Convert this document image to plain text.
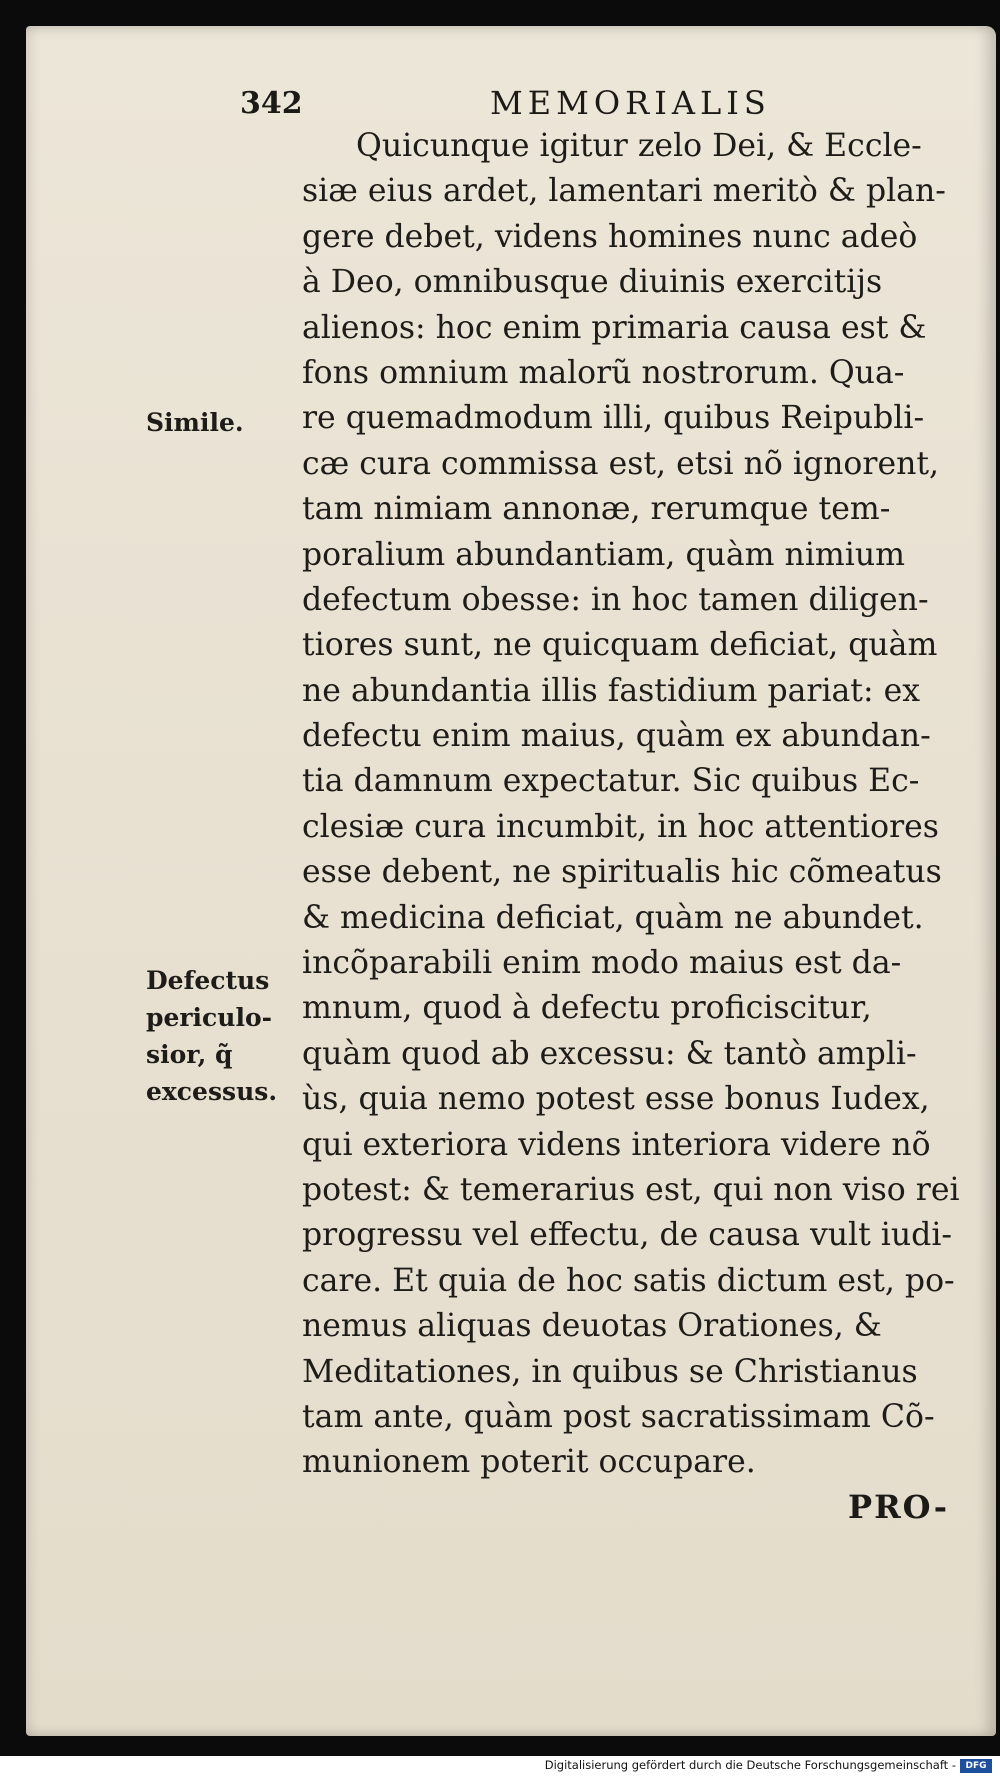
342	MEMORIALIS
Quicunque igitur zelo Dei, & Eccle-
siæ eius ardet, lamentari meritò & plan-
gere debet, videns homines nunc adeò
à Deo, omnibusque diuinis exercitijs
alienos: hoc enim primaria causa est &
fons omnium malorũ nostrorum. Qua-
re quemadmodum illi, quibus Reipubli-
cæ cura commissa est, etsi nõ ignorent,
tam nimiam annonæ, rerumque tem-
poralium abundantiam, quàm nimium
defectum obesse: in hoc tamen diligen-
tiores sunt, ne quicquam deficiat, quàm
ne abundantia illis fastidium pariat: ex
defectu enim maius, quàm ex abundan-
tia damnum expectatur. Sic quibus Ec-
clesiæ cura incumbit, in hoc attentiores
esse debent, ne spiritualis hic cõmeatus
& medicina deficiat, quàm ne abundet.
incõparabili enim modo maius est da-
mnum, quod à defectu proficiscitur,
quàm quod ab excessu: & tantò ampli-
ùs, quia nemo potest esse bonus Iudex,
qui exteriora videns interiora videre nõ
potest: & temerarius est, qui non viso rei
progressu vel effectu, de causa vult iudi-
care. Et quia de hoc satis dictum est, po-
nemus aliquas deuotas Orationes, &
Meditationes, in quibus se Christianus
tam ante, quàm post sacratissimam Cõ-
munionem poterit occupare.
Simile.
Defectus
periculo-
sior, q̃
excessus.
PRO-
Digitalisierung gefördert durch die Deutsche Forschungsgemeinschaft -	DFG
